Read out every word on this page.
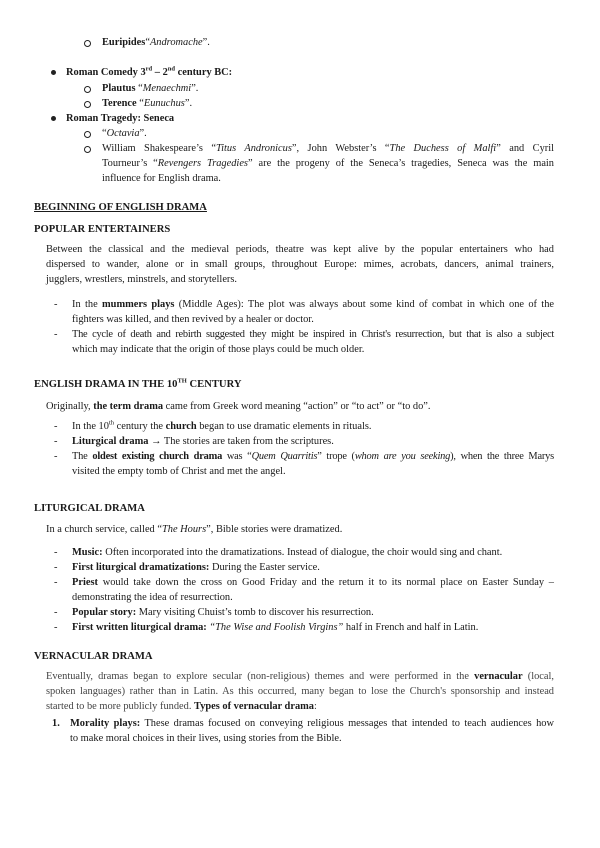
Euripides“Andromache”.
Roman Comedy 3rd – 2nd century BC:
Plautus “Menaechmi”.
Terence “Eunuchus”.
Roman Tragedy: Seneca
“Octavia”.
William Shakespeare’s “Titus Andronicus”, John Webster’s “The Duchess of Malfi” and Cyril
Tourneur’s “Revengers Tragedies” are the progeny of the Seneca’s tragedies, Seneca was the main
influence for English drama.
BEGINNING OF ENGLISH DRAMA
POPULAR ENTERTAINERS
Between the classical and the medieval periods, theatre was kept alive by the popular entertainers who had
dispersed to wander, alone or in small groups, throughout Europe: mimes, acrobats, dancers, animal trainers,
jugglers, wrestlers, minstrels, and storytellers.
- In the mummers plays (Middle Ages): The plot was always about some kind of combat in which one of the
fighters was killed, and then revived by a healer or doctor.
- The cycle of death and rebirth suggested they might be inspired in Christ's resurrection, but that is also a subject
which may indicate that the origin of those plays could be much older.
ENGLISH DRAMA IN THE 10TH CENTURY
Originally, the term drama came from Greek word meaning “action” or “to act” or “to do”.
- In the 10th century the church began to use dramatic elements in rituals.
- Liturgical drama → The stories are taken from the scriptures.
- The oldest existing church drama was “Quem Quarritis” trope (whom are you seeking), when the three Marys
visited the empty tomb of Christ and met the angel.
LITURGICAL DRAMA
In a church service, called “The Hours”, Bible stories were dramatized.
- Music: Often incorporated into the dramatizations. Instead of dialogue, the choir would sing and chant.
- First liturgical dramatizations: During the Easter service.
- Priest would take down the cross on Good Friday and the return it to its normal place on Easter Sunday –
demonstrating the idea of resurrection.
- Popular story: Mary visiting Chuist’s tomb to discover his resurrection.
- First written liturgical drama: “The Wise and Foolish Virgins” half in French and half in Latin.
VERNACULAR DRAMA
Eventually, dramas began to explore secular (non-religious) themes and were performed in the vernacular (local,
spoken languages) rather than in Latin. As this occurred, many began to lose the Church's sponsorship and instead
started to be more publicly funded. Types of vernacular drama:
1. Morality plays: These dramas focused on conveying religious messages that intended to teach audiences how
to make moral choices in their lives, using stories from the Bible.
